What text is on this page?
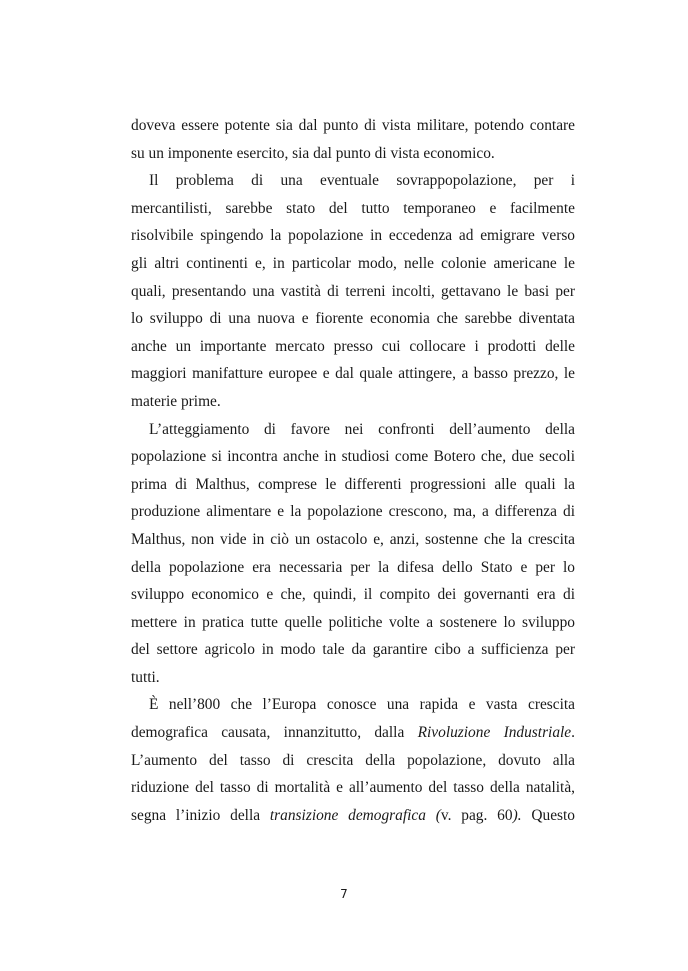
doveva essere potente sia dal punto di vista militare, potendo contare
su un imponente esercito, sia dal punto di vista economico.
Il problema di una eventuale sovrappopolazione, per i
mercantilisti, sarebbe stato del tutto temporaneo e facilmente
risolvibile spingendo la popolazione in eccedenza ad emigrare verso
gli altri continenti e, in particolar modo, nelle colonie americane le
quali, presentando una vastità di terreni incolti, gettavano le basi per
lo sviluppo di una nuova e fiorente economia che sarebbe diventata
anche un importante mercato presso cui collocare i prodotti delle
maggiori manifatture europee e dal quale attingere, a basso prezzo, le
materie prime.
L’atteggiamento di favore nei confronti dell’aumento della
popolazione si incontra anche in studiosi come Botero che, due secoli
prima di Malthus, comprese le differenti progressioni alle quali la
produzione alimentare e la popolazione crescono, ma, a differenza di
Malthus, non vide in ciò un ostacolo e, anzi, sostenne che la crescita
della popolazione era necessaria per la difesa dello Stato e per lo
sviluppo economico e che, quindi, il compito dei governanti era di
mettere in pratica tutte quelle politiche volte a sostenere lo sviluppo
del settore agricolo in modo tale da garantire cibo a sufficienza per
tutti.
È nell’800 che l’Europa conosce una rapida e vasta crescita
demografica causata, innanzitutto, dalla Rivoluzione Industriale.
L’aumento del tasso di crescita della popolazione, dovuto alla
riduzione del tasso di mortalità e all’aumento del tasso della natalità,
segna l’inizio della transizione demografica (v. pag. 60). Questo
7
